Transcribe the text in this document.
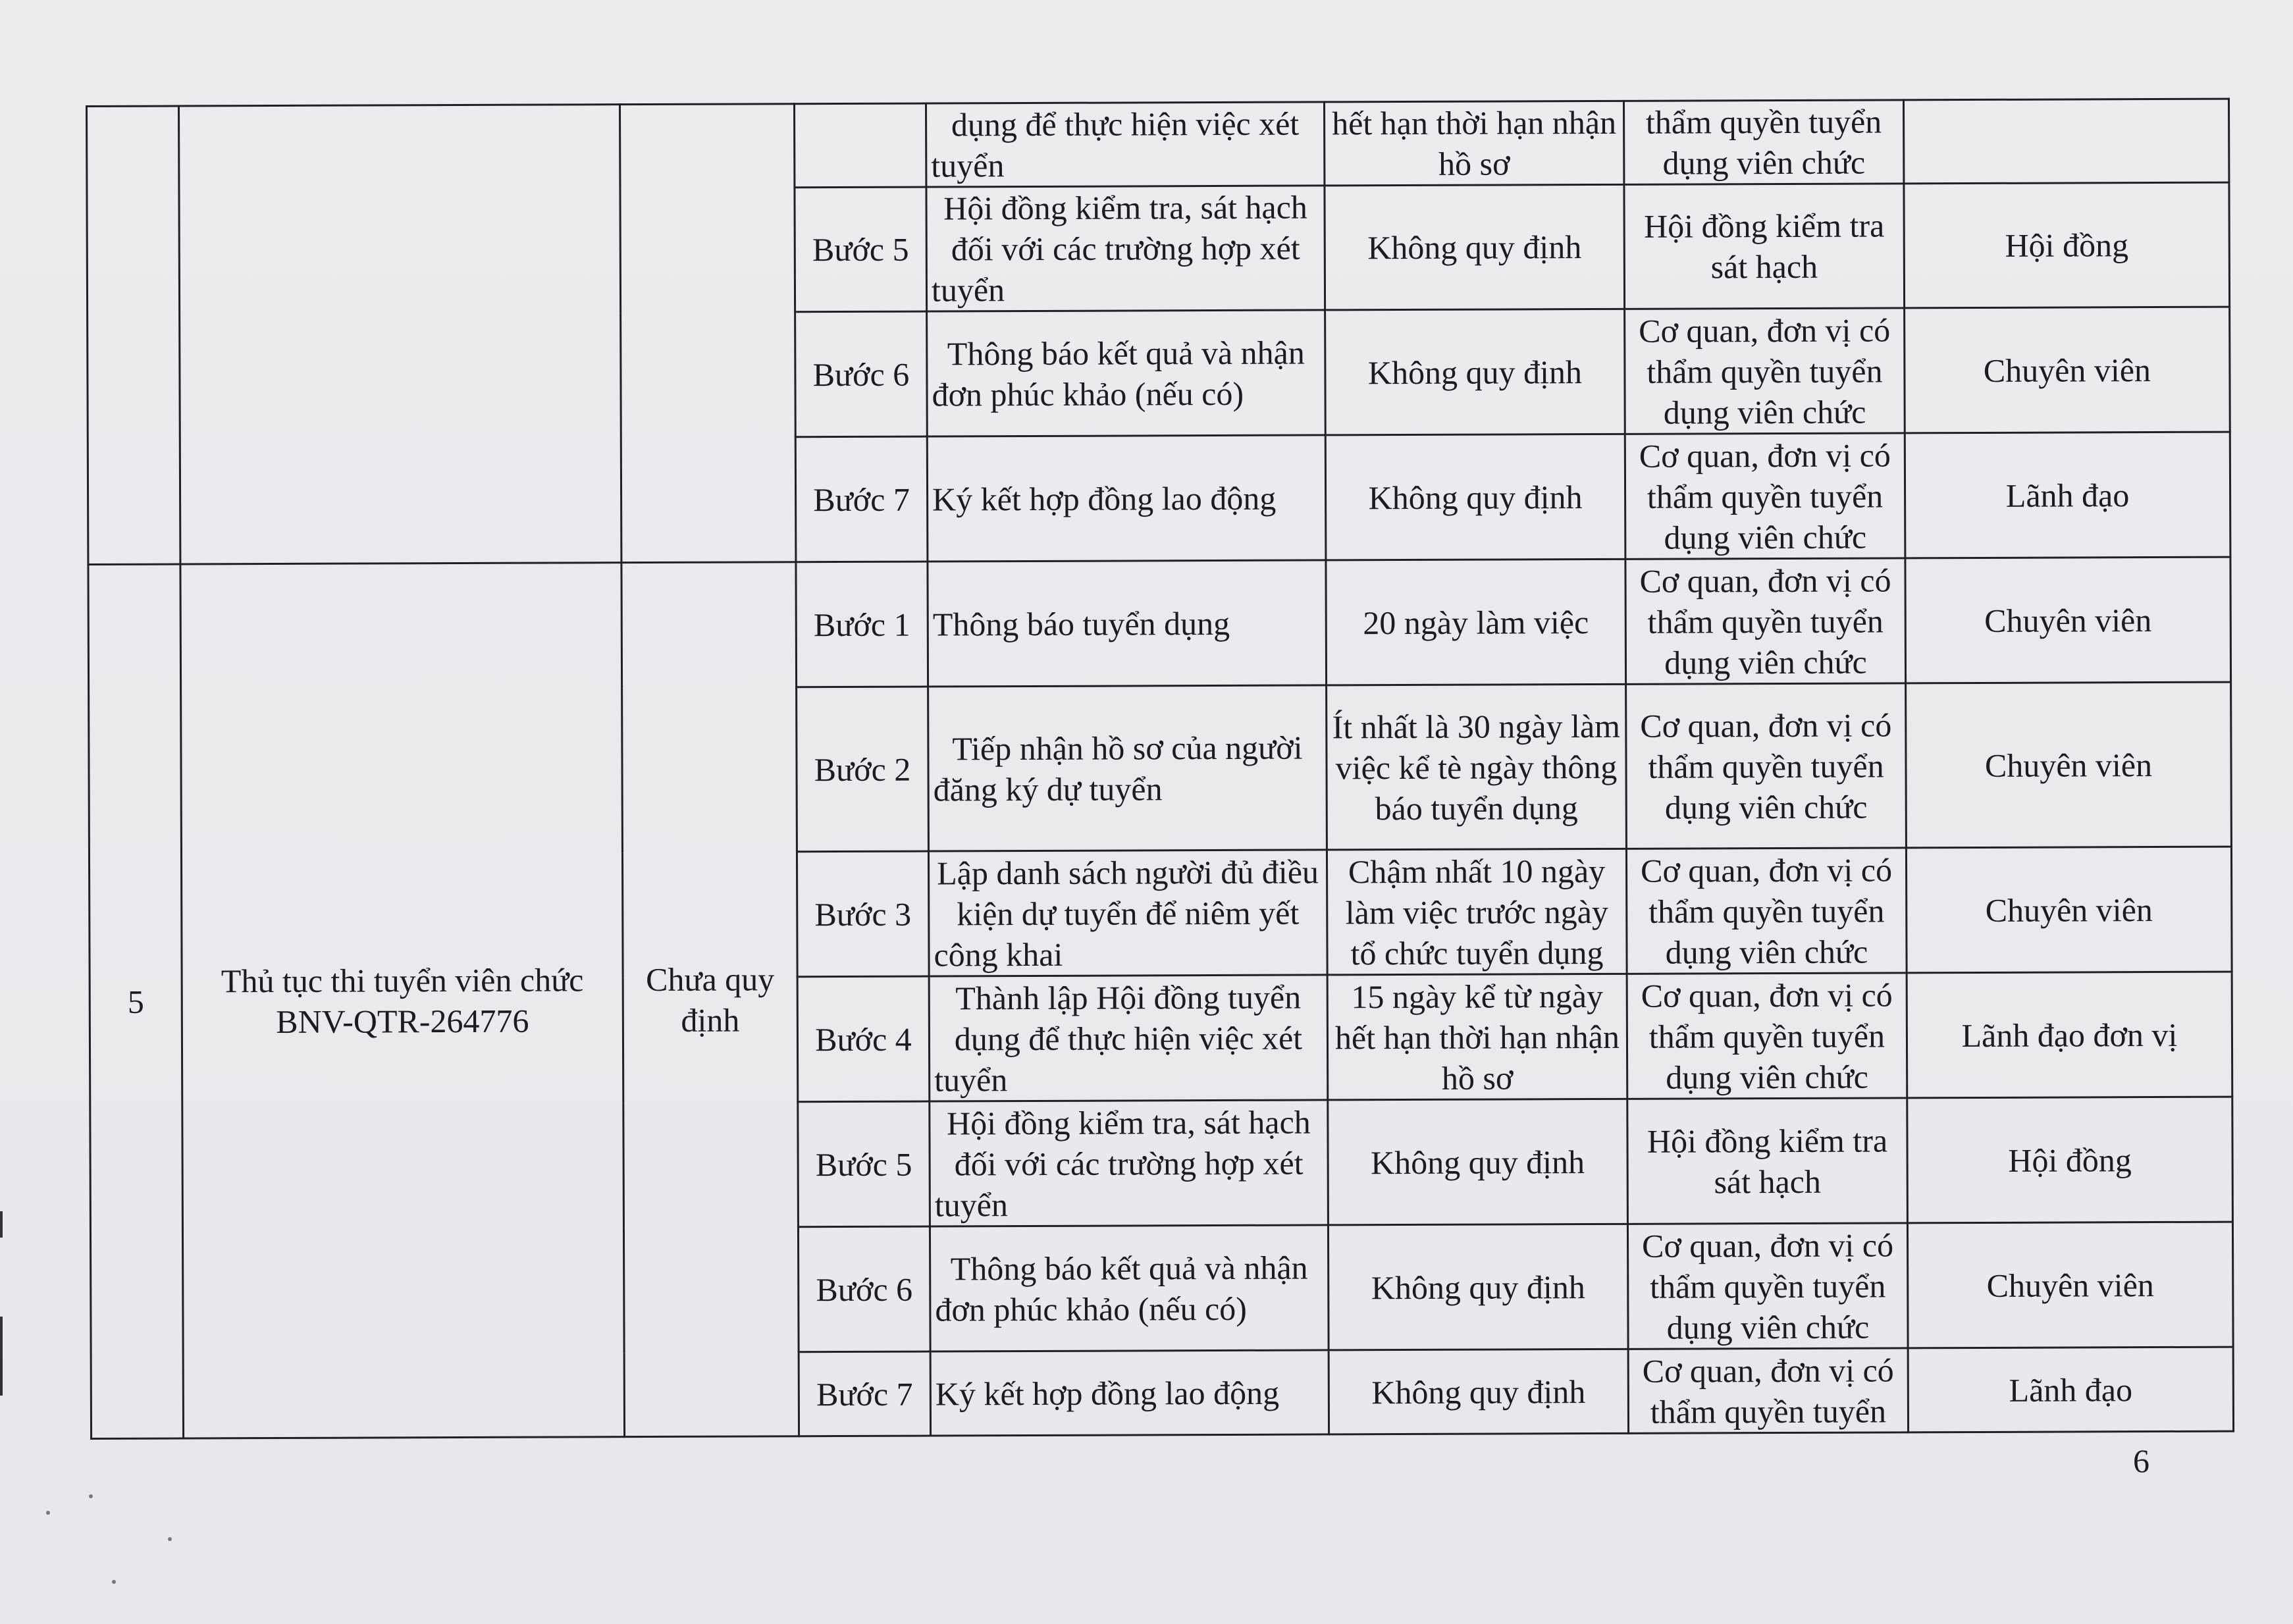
				dụng để thực hiện việc xét tuyển	hết hạn thời hạn nhận hồ sơ	thẩm quyền tuyển dụng viên chức	
			Bước 5	Hội đồng kiểm tra, sát hạch đối với các trường hợp xét tuyển	Không quy định	Hội đồng kiểm tra sát hạch	Hội đồng
			Bước 6	Thông báo kết quả và nhận đơn phúc khảo (nếu có)	Không quy định	Cơ quan, đơn vị có thẩm quyền tuyển dụng viên chức	Chuyên viên
			Bước 7	Ký kết hợp đồng lao động	Không quy định	Cơ quan, đơn vị có thẩm quyền tuyển dụng viên chức	Lãnh đạo
5	Thủ tục thi tuyển viên chức BNV-QTR-264776	Chưa quy định	Bước 1	Thông báo tuyển dụng	20 ngày làm việc	Cơ quan, đơn vị có thẩm quyền tuyển dụng viên chức	Chuyên viên
			Bước 2	Tiếp nhận hồ sơ của người đăng ký dự tuyển	Ít nhất là 30 ngày làm việc kể tè ngày thông báo tuyển dụng	Cơ quan, đơn vị có thẩm quyền tuyển dụng viên chức	Chuyên viên
			Bước 3	Lập danh sách người đủ điều kiện dự tuyển để niêm yết công khai	Chậm nhất 10 ngày làm việc trước ngày tổ chức tuyển dụng	Cơ quan, đơn vị có thẩm quyền tuyển dụng viên chức	Chuyên viên
			Bước 4	Thành lập Hội đồng tuyển dụng để thực hiện việc xét tuyển	15 ngày kể từ ngày hết hạn thời hạn nhận hồ sơ	Cơ quan, đơn vị có thẩm quyền tuyển dụng viên chức	Lãnh đạo đơn vị
			Bước 5	Hội đồng kiểm tra, sát hạch đối với các trường hợp xét tuyển	Không quy định	Hội đồng kiểm tra sát hạch	Hội đồng
			Bước 6	Thông báo kết quả và nhận đơn phúc khảo (nếu có)	Không quy định	Cơ quan, đơn vị có thẩm quyền tuyển dụng viên chức	Chuyên viên
			Bước 7	Ký kết hợp đồng lao động	Không quy định	Cơ quan, đơn vị có thẩm quyền tuyển	Lãnh đạo
6
